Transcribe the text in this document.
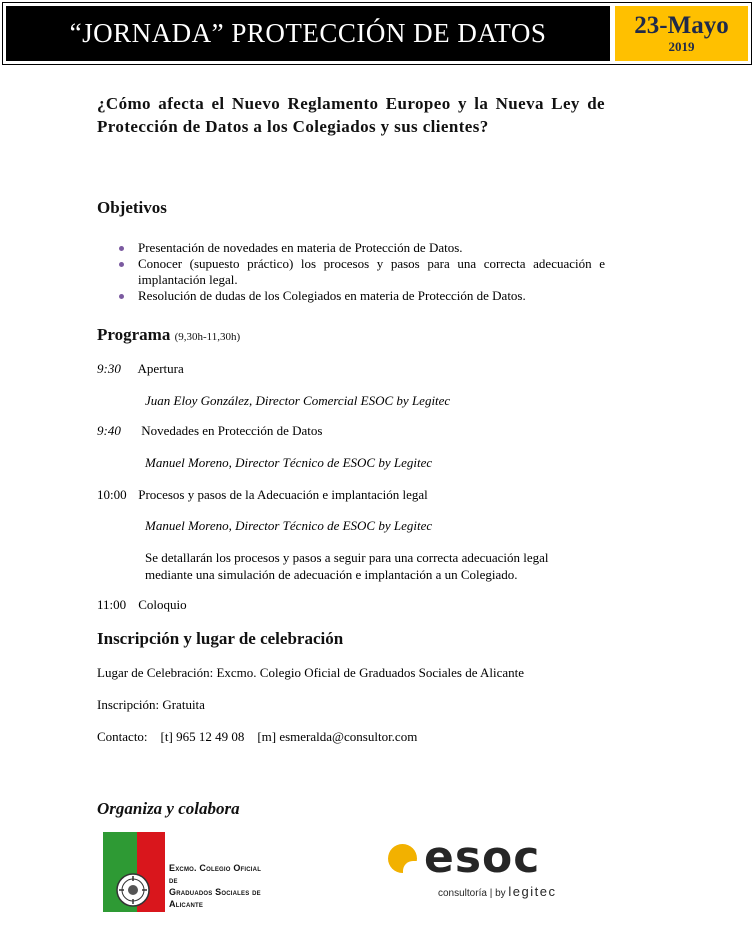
“JORNADA” PROTECCIÓN DE DATOS	23-Mayo
2019
¿Cómo afecta el Nuevo Reglamento Europeo y la Nueva Ley de Protección de Datos a los Colegiados y sus clientes?
Objetivos
Presentación de novedades en materia de Protección de Datos.
Conocer (supuesto práctico) los procesos y pasos para una correcta adecuación e implantación legal.
Resolución de dudas de los Colegiados en materia de Protección de Datos.
Programa (9,30h-11,30h)
9:30 Apertura
Juan Eloy González, Director Comercial ESOC by Legitec
9:40 Novedades en Protección de Datos
Manuel Moreno, Director Técnico de ESOC by Legitec
10:00 Procesos y pasos de la Adecuación e implantación legal
Manuel Moreno, Director Técnico de ESOC by Legitec
Se detallarán los procesos y pasos a seguir para una correcta adecuación legal
mediante una simulación de adecuación e implantación a un Colegiado.
11:00 Coloquio
Inscripción y lugar de celebración
Lugar de Celebración: Excmo. Colegio Oficial de Graduados Sociales de Alicante
Inscripción: Gratuita
Contacto: [t] 965 12 49 08 [m] esmeralda@consultor.com
Organiza y colabora
Excmo. Colegio Oficial de
Graduados Sociales de
Alicante
esoc
consultoría | by legitec
